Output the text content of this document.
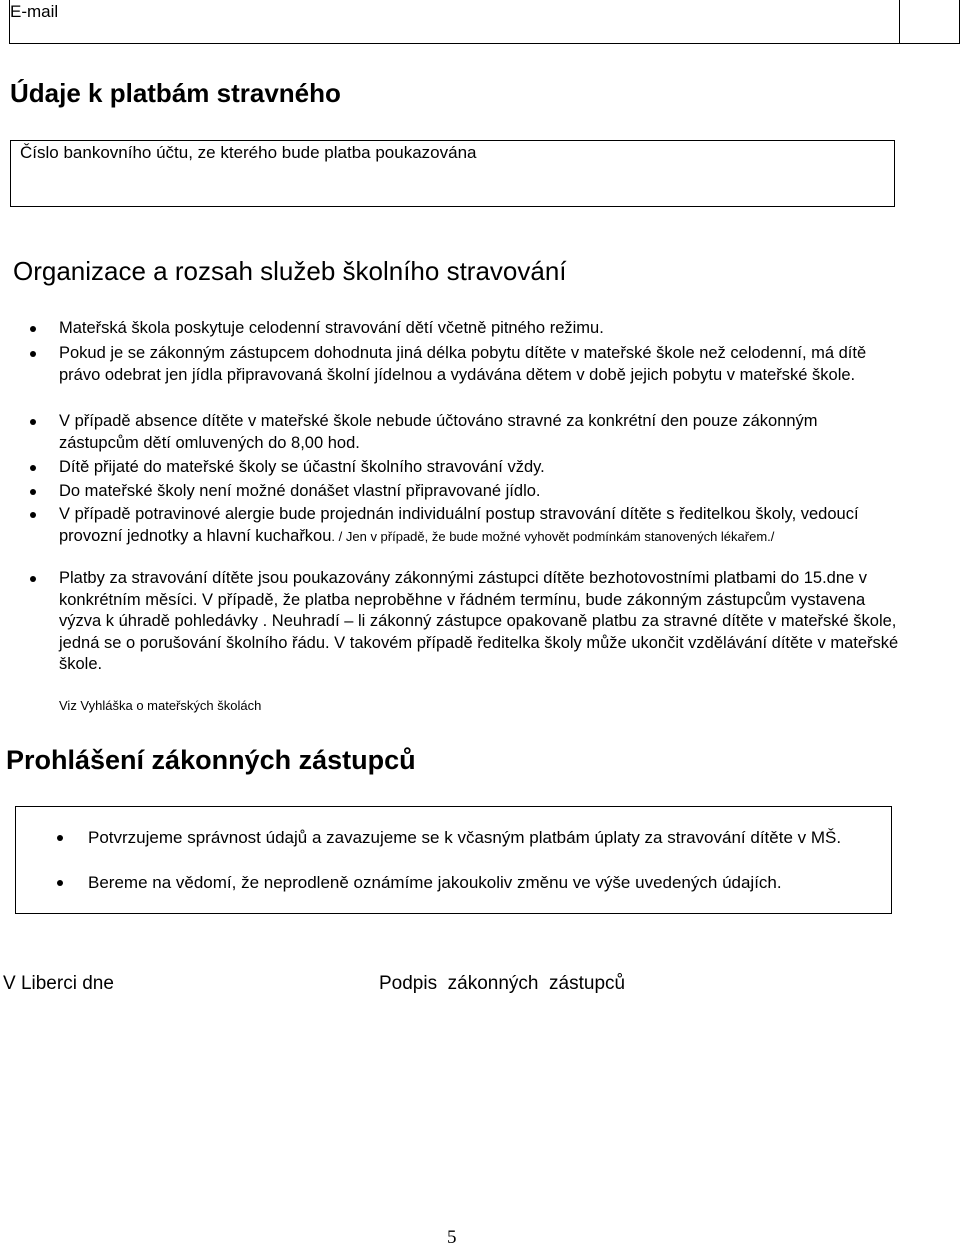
E-mail
Údaje k platbám stravného
Číslo bankovního účtu, ze kterého bude platba poukazována
Organizace a rozsah služeb školního stravování
Mateřská škola poskytuje celodenní stravování dětí včetně pitného režimu.
Pokud je se zákonným zástupcem dohodnuta jiná délka pobytu dítěte v mateřské škole než celodenní, má dítě právo odebrat jen jídla připravovaná školní jídelnou a vydávána dětem v době jejich pobytu v mateřské škole.
V případě absence dítěte v mateřské škole nebude účtováno stravné za konkrétní den pouze zákonným zástupcům dětí omluvených do 8,00 hod.
Dítě přijaté do mateřské školy se účastní školního stravování vždy.
Do mateřské školy není možné donášet vlastní připravované jídlo.
V případě potravinové alergie bude projednán individuální postup stravování dítěte s ředitelkou školy, vedoucí provozní jednotky a hlavní kuchařkou. / Jen v případě, že bude možné vyhovět podmínkám stanovených lékařem./
Platby za stravování dítěte jsou poukazovány zákonnými zástupci dítěte bezhotovostními platbami do 15.dne v konkrétním měsíci. V případě, že platba neproběhne v řádném termínu, bude zákonným zástupcům vystavena výzva k úhradě pohledávky . Neuhradí – li zákonný zástupce opakovaně platbu za stravné dítěte v mateřské škole, jedná se o porušování školního řádu. V takovém případě ředitelka školy může ukončit vzdělávání dítěte v mateřské škole.
Viz Vyhláška o mateřských školách
Prohlášení zákonných zástupců
Potvrzujeme správnost údajů a zavazujeme se k včasným platbám úplaty za stravování dítěte v MŠ.
Bereme na vědomí, že neprodleně oznámíme jakoukoliv změnu ve výše uvedených údajích.
V Liberci dne	Podpis  zákonných  zástupců
5
